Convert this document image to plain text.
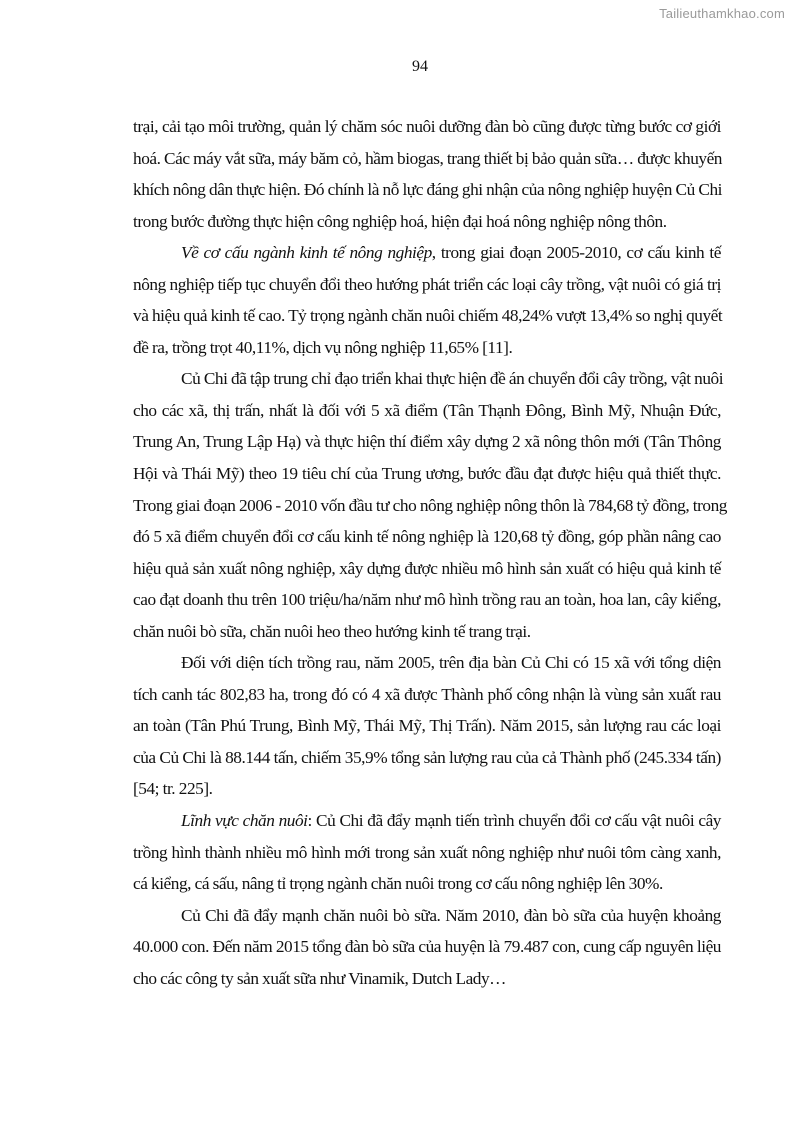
Tailieuthamkhao.com
94
trại, cải tạo môi trường, quản lý chăm sóc nuôi dưỡng đàn bò cũng được từng bước cơ giới
hoá. Các máy vắt sữa, máy băm cỏ, hầm biogas, trang thiết bị bảo quản sữa… được khuyến
khích nông dân thực hiện. Đó chính là nỗ lực đáng ghi nhận của nông nghiệp huyện Củ Chi
trong bước đường thực hiện công nghiệp hoá, hiện đại hoá nông nghiệp nông thôn.
Về cơ cấu ngành kinh tế nông nghiệp, trong giai đoạn 2005-2010, cơ cấu kinh tế
nông nghiệp tiếp tục chuyển đổi theo hướng phát triển các loại cây trồng, vật nuôi có giá trị
và hiệu quả kinh tế cao. Tỷ trọng ngành chăn nuôi chiếm 48,24% vượt 13,4% so nghị quyết
đề ra, trồng trọt 40,11%, dịch vụ nông nghiệp 11,65% [11].
Củ Chi đã tập trung chỉ đạo triển khai thực hiện đề án chuyển đổi cây trồng, vật nuôi
cho các xã, thị trấn, nhất là đối với 5 xã điểm (Tân Thạnh Đông, Bình Mỹ, Nhuận Đức,
Trung An, Trung Lập Hạ) và thực hiện thí điểm xây dựng 2 xã nông thôn mới (Tân Thông
Hội và Thái Mỹ) theo 19 tiêu chí của Trung ương, bước đầu đạt được hiệu quả thiết thực.
Trong giai đoạn 2006 - 2010 vốn đầu tư cho nông nghiệp nông thôn là 784,68 tỷ đồng, trong
đó 5 xã điểm chuyển đổi cơ cấu kinh tế nông nghiệp là 120,68 tỷ đồng, góp phần nâng cao
hiệu quả sản xuất nông nghiệp, xây dựng được nhiều mô hình sản xuất có hiệu quả kinh tế
cao đạt doanh thu trên 100 triệu/ha/năm như mô hình trồng rau an toàn, hoa lan, cây kiểng,
chăn nuôi bò sữa, chăn nuôi heo theo hướng kinh tế trang trại.
Đối với diện tích trồng rau, năm 2005, trên địa bàn Củ Chi có 15 xã với tổng diện
tích canh tác 802,83 ha, trong đó có 4 xã được Thành phố công nhận là vùng sản xuất rau
an toàn (Tân Phú Trung, Bình Mỹ, Thái Mỹ, Thị Trấn). Năm 2015, sản lượng rau các loại
của Củ Chi là 88.144 tấn, chiếm 35,9% tổng sản lượng rau của cả Thành phố (245.334 tấn)
[54; tr. 225].
Lĩnh vực chăn nuôi: Củ Chi đã đẩy mạnh tiến trình chuyển đổi cơ cấu vật nuôi cây
trồng hình thành nhiều mô hình mới trong sản xuất nông nghiệp như nuôi tôm càng xanh,
cá kiểng, cá sấu, nâng tỉ trọng ngành chăn nuôi trong cơ cấu nông nghiệp lên 30%.
Củ Chi đã đẩy mạnh chăn nuôi bò sữa. Năm 2010, đàn bò sữa của huyện khoảng
40.000 con. Đến năm 2015 tổng đàn bò sữa của huyện là 79.487 con, cung cấp nguyên liệu
cho các công ty sản xuất sữa như Vinamik, Dutch Lady…
